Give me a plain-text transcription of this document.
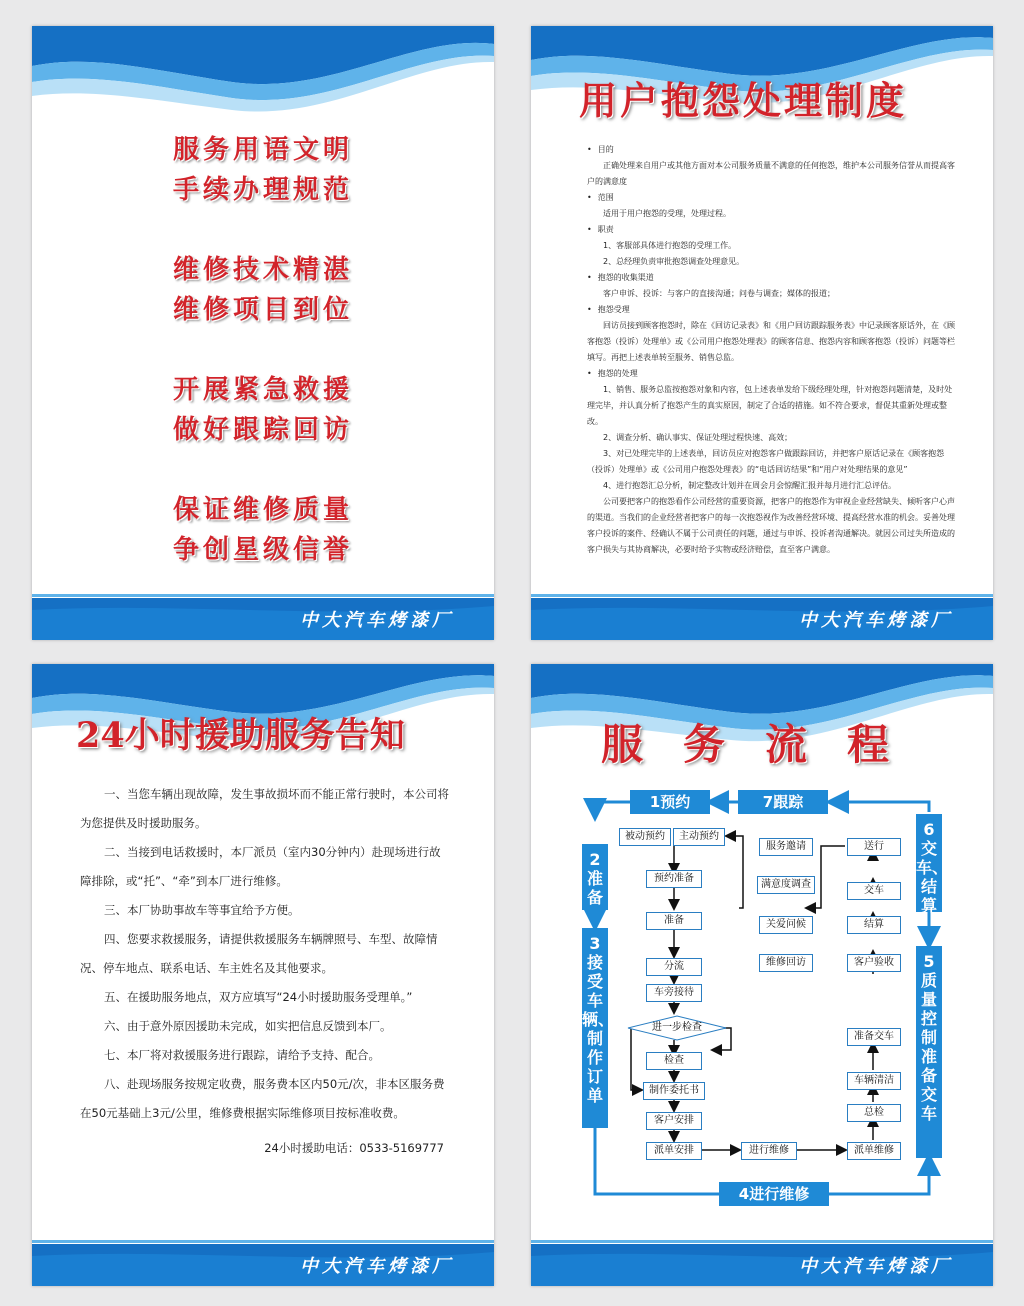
服务用语文明
手续办理规范
维修技术精湛
维修项目到位
开展紧急救援
做好跟踪回访
保证维修质量
争创星级信誉
中大汽车烤漆厂
用户抱怨处理制度
• 目的
正确处理来自用户或其他方面对本公司服务质量不满意的任何抱怨，维护本公司服务信誉从而提高客户的满意度
• 范围
适用于用户抱怨的受理，处理过程。
• 职责
1、客服部具体进行抱怨的受理工作。
2、总经理负责审批抱怨调查处理意见。
• 抱怨的收集渠道
客户申诉、投诉：与客户的直接沟通；问卷与调查；媒体的报道；
• 抱怨受理
回访员接到顾客抱怨时，除在《回访记录表》和《用户回访跟踪服务表》中记录顾客原话外，在《顾客抱怨（投诉）处理单》或《公司用户抱怨处理表》的顾客信息、抱怨内容和顾客抱怨（投诉）问题等栏填写。再把上述表单转至服务、销售总监。
• 抱怨的处理
1、销售、服务总监按抱怨对象和内容，包上述表单发给下级经理处理，针对抱怨问题清楚，及时处理完毕，并认真分析了抱怨产生的真实原因，制定了合适的措施。如不符合要求，督促其重新处理或整改。
2、调查分析、确认事实、保证处理过程快速、高效；
3、对已处理完毕的上述表单，回访员应对抱怨客户做跟踪回访，并把客户原话记录在《顾客抱怨（投诉）处理单》或《公司用户抱怨处理表》的“电话回访结果”和“用户对处理结果的意见”
4、进行抱怨汇总分析，制定整改计划并在周会月会惊醒汇报并每月进行汇总评估。
公司要把客户的抱怨看作公司经营的重要资源，把客户的抱怨作为审视企业经营缺失、倾听客户心声的渠道。当我们的企业经营者把客户的每一次抱怨视作为改善经营环境、提高经营水准的机会。妥善处理客户投诉的案件、经确认不属于公司责任的问题，通过与申诉、投诉者沟通解决。就因公司过失所造成的客户损失与其协商解决，必要时给予实物或经济赔偿，直至客户满意。
中大汽车烤漆厂
24小时援助服务告知
一、当您车辆出现故障，发生事故损坏而不能正常行驶时，本公司将为您提供及时援助服务。
二、当接到电话救援时，本厂派员（室内30分钟内）赴现场进行故障排除，或“托”、“牵”到本厂进行维修。
三、本厂协助事故车等事宜给予方便。
四、您要求救援服务，请提供救援服务车辆牌照号、车型、故障情况、停车地点、联系电话、车主姓名及其他要求。
五、在援助服务地点，双方应填写“24小时援助服务受理单。”
六、由于意外原因援助未完成，如实把信息反馈到本厂。
七、本厂将对救援服务进行跟踪，请给予支持、配合。
八、赴现场服务按规定收费，服务费本区内50元/次，非本区服务费在50元基础上3元/公里，维修费根据实际维修项目按标准收费。
24小时援助电话：0533-5169777
中大汽车烤漆厂
服务流程
1预约	7跟踪
2准备
3接受车辆、制作订单
4进行维修
5质量控制准备交车
6交车、结算
被动预约	主动预约
预约准备
准备
分流
车旁接待
进一步检查
检查
制作委托书
客户安排
派单安排	进行维修
服务邀请
满意度调查
关爱问候
维修回访
派单维修
总检
车辆清洁
准备交车
客户验收
结算
交车
送行
中大汽车烤漆厂
